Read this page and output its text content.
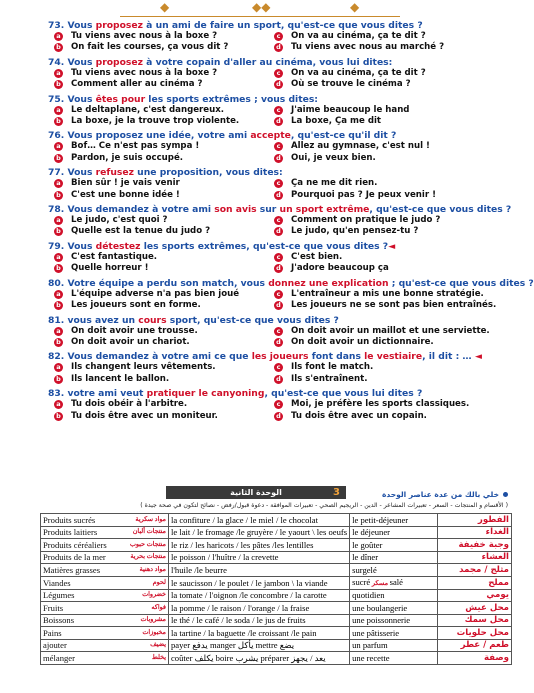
◆	◆◆	◆
73. Vous proposez à un ami de faire un sport, qu'est-ce que vous dites ?
a Tu viens avec nous à la boxe ?	c On va au cinéma, ça te dit ?
b On fait les courses, ça vous dit ?	d Tu viens avec nous au marché ?
74. Vous proposez à votre copain d'aller au cinéma, vous lui dites:
a Tu viens avec nous à la boxe ?	c On va au cinéma, ça te dit ?
b Comment aller au cinéma ?	d Où se trouve le cinéma ?
75. Vous êtes pour les sports extrêmes ; vous dites:
a Le deltaplane, c'est dangereux.	c J'aime beaucoup le hand
b La boxe, je la trouve trop violente.	d La boxe, Ça me dit
76. Vous proposez une idée, votre ami accepte, qu'est-ce qu'il dit ?
a Bof… Ce n'est pas sympa !	c Allez au gymnase, c'est nul !
b Pardon, je suis occupé.	d Oui, je veux bien.
77. Vous refusez une proposition, vous dites:
a Bien sûr ! je vais venir	c Ça ne me dit rien.
b C'est une bonne idée !	d Pourquoi pas ? Je peux venir !
78. Vous demandez à votre ami son avis sur un sport extrême, qu'est-ce que vous dites ?
a Le judo, c'est quoi ?	c Comment on pratique le judo ?
b Quelle est la tenue du judo ?	d Le judo, qu'en pensez-tu ?
79. Vous détestez les sports extrêmes, qu'est-ce que vous dites ?◄
a C'est fantastique.	c C'est bien.
b Quelle horreur !	d J'adore beaucoup ça
80. Votre équipe a perdu son match, vous donnez une explication ; qu'est-ce que vous dites ?
a L'équipe adverse n'a pas bien joué	c L'entraîneur a mis une bonne stratégie.
b Les joueurs sont en forme.	d Les joueurs ne se sont pas bien entraînés.
81. vous avez un cours sport, qu'est-ce que vous dites ?
a On doit avoir une trousse.	c On doit avoir un maillot et une serviette.
b On doit avoir un chariot.	d On doit avoir un dictionnaire.
82. Vous demandez à votre ami ce que les joueurs font dans le vestiaire, il dit : … ◄
a Ils changent leurs vêtements.	c Ils font le match.
b Ils lancent le ballon.	d Ils s'entraînent.
83. votre ami veut pratiquer le canyoning, qu'est-ce que vous lui dites ?
a Tu dois obéir à l'arbitre.	c Moi, je préfère les sports classiques.
b Tu dois être avec un moniteur.	d Tu dois être avec un copain.
الوحدة الثانية	3	خلي بالك من عدة عناصر الوحدة
( الأقسام و المنتجات - السعر - تعبيرات المشاعر - الدين - الريجيم الصحي - تعبيرات الموافقة - دعوة قبول/رفض - نصائح لتكون في صحة جيدة )
مواد سكرية
Produits sucrés	la confiture / la glace / le miel / le chocolat	le petit-déjeuner	الفطور

منتجات ألبان
Produits laitiers	le lait / le fromage /le gruyère / le yaourt \ les oeufs	le déjeuner	الغداء

منتجات حبوب
Produits céréaliers	le riz / les haricots / les pâtes /les lentilles	le goûter	وجبة خفيفة

منتجات بحرية
Produits de la mer	le poisson / l'huître / la crevette	le dîner	العشاء

مواد دهنية
Matières grasses	l'huile /le beurre	surgelé	مثلج / مجمد

لحوم
Viandes	le saucisson / le poulet / le jambon \ la viande	sucré مسكر salé	مملح

خضروات
Légumes	la tomate / l'oignon /le concombre / la carotte	quotidien	يومي

فواكه
Fruits	la pomme / le raison / l'orange / la fraise	une boulangerie	محل عيش

مشروبات
Boissons	le thé / le café / le soda / le jus de fruits	une poissonnerie	محل سمك

مخبوزات
Pains	la tartine / la baguette /le croissant /le pain	une pâtisserie	محل حلويات

يضيف
ajouter	payer يدفع manger يأكل mettre يضع	un parfum	طعم / عطر

يخلط
mélanger	coûter يكلف boire يشرب préparer يعد / يجهز	une recette	وصفة
